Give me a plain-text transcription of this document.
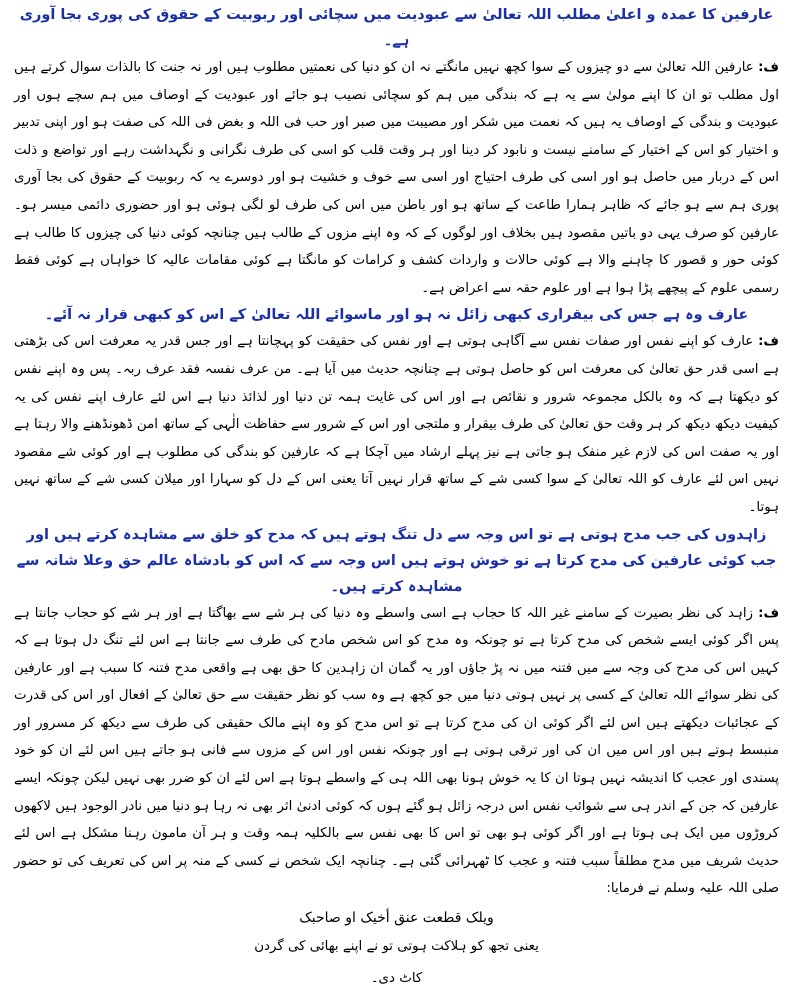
عارفین کا عمدہ و اعلیٰ مطلب اللہ تعالیٰ سے عبودیت میں سچائی اور ربوبیت کے حقوق کی پوری بجا آوری ہے۔

ف: عارفین اللہ تعالیٰ سے دو چیزوں کے سوا کچھ نہیں مانگتے نہ ان کو دنیا کی نعمتیں مطلوب ہیں اور نہ جنت کا بالذات سوال کرتے ہیں اول مطلب تو ان کا اپنے مولیٰ سے یہ ہے کہ بندگی میں ہم کو سچائی نصیب ہو جائے اور عبودیت کے اوصاف میں ہم سچے ہوں اور عبودیت و بندگی کے اوصاف یہ ہیں کہ نعمت میں شکر اور مصیبت میں صبر اور حب فی اللہ و بغض فی اللہ کی صفت ہو اور اپنی تدبیر و اختیار کو اس کے اختیار کے سامنے نیست و نابود کر دینا اور ہر وقت قلب کو اسی کی طرف نگرانی و نگہداشت رہے اور تواضع و ذلت اس کے دربار میں حاصل ہو اور اسی کی طرف احتیاج اور اسی سے خوف و خشیت ہو اور دوسرے یہ کہ ربوبیت کے حقوق کی بجا آوری پوری ہم سے ہو جائے کہ ظاہر ہمارا طاعت کے ساتھ ہو اور باطن میں اس کی طرف لو لگی ہوئی ہو اور حضوری دائمی میسر ہو۔ عارفین کو صرف یہی دو باتیں مقصود ہیں بخلاف اور لوگوں کے کہ وہ اپنے مزوں کے طالب ہیں چنانچہ کوئی دنیا کی چیزوں کا طالب ہے کوئی حور و قصور کا چاہنے والا ہے کوئی حالات و واردات کشف و کرامات کو مانگتا ہے کوئی مقامات عالیہ کا خواہاں ہے کوئی فقط رسمی علوم کے پیچھے پڑا ہوا ہے اور علوم حقہ سے اعراض ہے۔

عارف وہ ہے جس کی بیقراری کبھی زائل نہ ہو اور ماسوائے اللہ تعالیٰ کے اس کو کبھی قرار نہ آئے۔

ف: عارف کو اپنے نفس اور صفات نفس سے آگاہی ہوتی ہے اور نفس کی حقیقت کو پہچانتا ہے اور جس قدر یہ معرفت اس کی بڑھتی ہے اسی قدر حق تعالیٰ کی معرفت اس کو حاصل ہوتی ہے چنانچہ حدیث میں آیا ہے۔ من عرف نفسہ فقد عرف ربہ۔ پس وہ اپنے نفس کو دیکھتا ہے کہ وہ بالکل مجموعہ شرور و نقائص ہے اور اس کی غایت ہمہ تن دنیا اور لذائذ دنیا ہے اس لئے عارف اپنے نفس کی یہ کیفیت دیکھ دیکھ کر ہر وقت حق تعالیٰ کی طرف بیقرار و ملتجی اور اس کے شرور سے حفاظت الٰہی کے ساتھ امن ڈھونڈھنے والا رہتا ہے اور یہ صفت اس کی لازم غیر منفک ہو جاتی ہے نیز پہلے ارشاد میں آچکا ہے کہ عارفین کو بندگی کی مطلوب ہے اور کوئی شے مقصود نہیں اس لئے عارف کو اللہ تعالیٰ کے سوا کسی شے کے ساتھ قرار نہیں آتا یعنی اس کے دل کو سہارا اور میلان کسی شے کے ساتھ نہیں ہوتا۔

زاہدوں کی جب مدح ہوتی ہے تو اس وجہ سے دل تنگ ہوتے ہیں کہ مدح کو خلق سے مشاہدہ کرتے ہیں اور جب کوئی عارفین کی مدح کرتا ہے تو خوش ہوتے ہیں اس وجہ سے کہ اس کو بادشاہ عالم حق وعلا شانہ سے مشاہدہ کرتے ہیں۔

ف: زاہد کی نظر بصیرت کے سامنے غیر اللہ کا حجاب ہے اسی واسطے وہ دنیا کی ہر شے سے بھاگتا ہے اور ہر شے کو حجاب جانتا ہے پس اگر کوئی ایسے شخص کی مدح کرتا ہے تو چونکہ وہ مدح کو اس شخص مادح کی طرف سے جانتا ہے اس لئے تنگ دل ہوتا ہے کہ کہیں اس کی مدح کی وجہ سے میں فتنہ میں نہ پڑ جاؤں اور یہ گمان ان زاہدین کا حق بھی ہے واقعی مدح فتنہ کا سبب ہے اور عارفین کی نظر سوائے اللہ تعالیٰ کے کسی پر نہیں ہوتی دنیا میں جو کچھ ہے وہ سب کو نظر حقیقت سے حق تعالیٰ کے افعال اور اس کی قدرت کے عجائبات دیکھتے ہیں اس لئے اگر کوئی ان کی مدح کرتا ہے تو اس مدح کو وہ اپنے مالک حقیقی کی طرف سے دیکھ کر مسرور اور منبسط ہوتے ہیں اور اس میں ان کی اور ترقی ہوتی ہے اور چونکہ نفس اور اس کے مزوں سے فانی ہو جاتے ہیں اس لئے ان کو خود پسندی اور عجب کا اندیشہ نہیں ہوتا ان کا یہ خوش ہونا بھی اللہ ہی کے واسطے ہوتا ہے اس لئے ان کو ضرر بھی نہیں لیکن چونکہ ایسے عارفین کہ جن کے اندر ہی سے شوائب نفس اس درجہ زائل ہو گئے ہوں کہ کوئی ادنیٰ اثر بھی نہ رہا ہو دنیا میں نادر الوجود ہیں لاکھوں کروڑوں میں ایک ہی ہوتا ہے اور اگر کوئی ہو بھی تو اس کا بھی نفس سے بالکلیہ ہمہ وقت و ہر آن مامون رہنا مشکل ہے اس لئے حدیث شریف میں مدح مطلقاً سبب فتنہ و عجب کا ٹھہرائی گئی ہے۔ چنانچہ ایک شخص نے کسی کے منہ پر اس کی تعریف کی تو حضور صلی اللہ علیہ وسلم نے فرمایا:

ویلک قطعت عنق أخیک او صاحبک

یعنی تجھ کو ہلاکت ہوتی تو نے اپنے بھائی کی گردن

کاٹ دی۔
